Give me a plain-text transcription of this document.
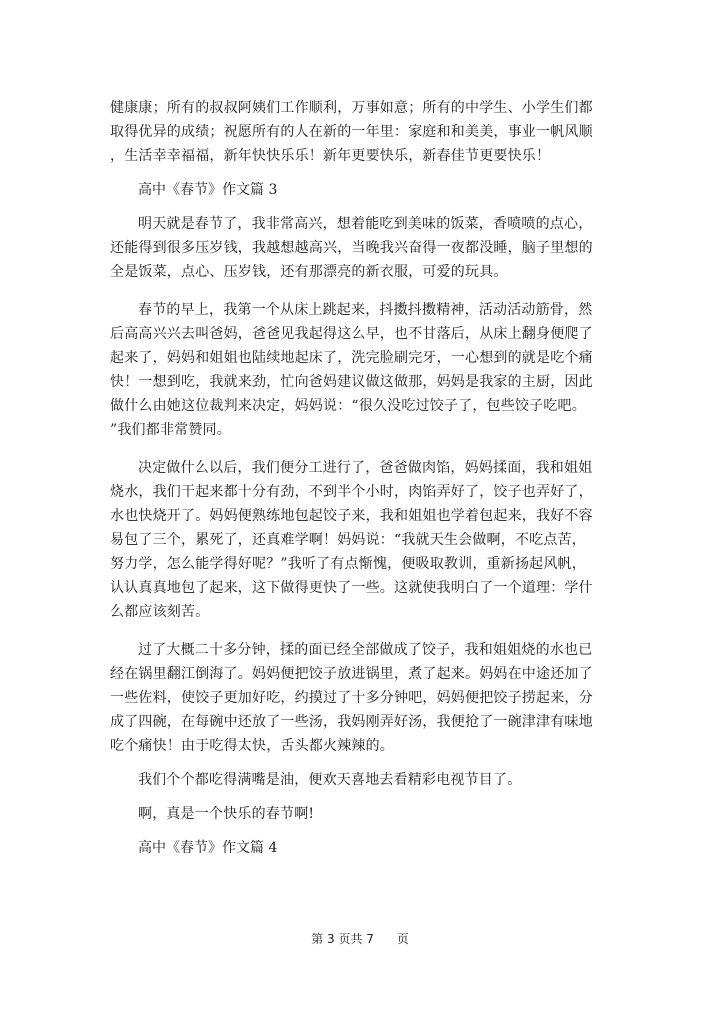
健康康；所有的叔叔阿姨们工作顺利，万事如意；所有的中学生、小学生们都
取得优异的成绩；祝愿所有的人在新的一年里：家庭和和美美，事业一帆风顺
，生活幸幸福福，新年快快乐乐！新年更要快乐，新春佳节更要快乐！
高中《春节》作文篇 3
明天就是春节了，我非常高兴，想着能吃到美味的饭菜，香喷喷的点心，
还能得到很多压岁钱，我越想越高兴，当晚我兴奋得一夜都没睡，脑子里想的
全是饭菜，点心、压岁钱，还有那漂亮的新衣服，可爱的玩具。
春节的早上，我第一个从床上跳起来，抖擞抖擞精神，活动活动筋骨，然
后高高兴兴去叫爸妈，爸爸见我起得这么早，也不甘落后，从床上翻身便爬了
起来了，妈妈和姐姐也陆续地起床了，洗完脸刷完牙，一心想到的就是吃个痛
快！一想到吃，我就来劲，忙向爸妈建议做这做那，妈妈是我家的主厨，因此
做什么由她这位裁判来决定，妈妈说：“很久没吃过饺子了，包些饺子吃吧。
”我们都非常赞同。
决定做什么以后，我们便分工进行了，爸爸做肉馅，妈妈揉面，我和姐姐
烧水，我们干起来都十分有劲，不到半个小时，肉馅弄好了，饺子也弄好了，
水也快烧开了。妈妈便熟练地包起饺子来，我和姐姐也学着包起来，我好不容
易包了三个，累死了，还真难学啊！妈妈说：“我就天生会做啊，不吃点苦，
努力学，怎么能学得好呢？”我听了有点惭愧，便吸取教训，重新扬起风帆，
认认真真地包了起来，这下做得更快了一些。这就使我明白了一个道理：学什
么都应该刻苦。
过了大概二十多分钟，揉的面已经全部做成了饺子，我和姐姐烧的水也已
经在锅里翻江倒海了。妈妈便把饺子放进锅里，煮了起来。妈妈在中途还加了
一些佐料，使饺子更加好吃，约摸过了十多分钟吧，妈妈便把饺子捞起来，分
成了四碗，在每碗中还放了一些汤，我妈刚弄好汤，我便抢了一碗津津有味地
吃个痛快！由于吃得太快，舌头都火辣辣的。
我们个个都吃得满嘴是油，便欢天喜地去看精彩电视节目了。
啊，真是一个快乐的春节啊!
高中《春节》作文篇 4
第 3 页共 7      页
